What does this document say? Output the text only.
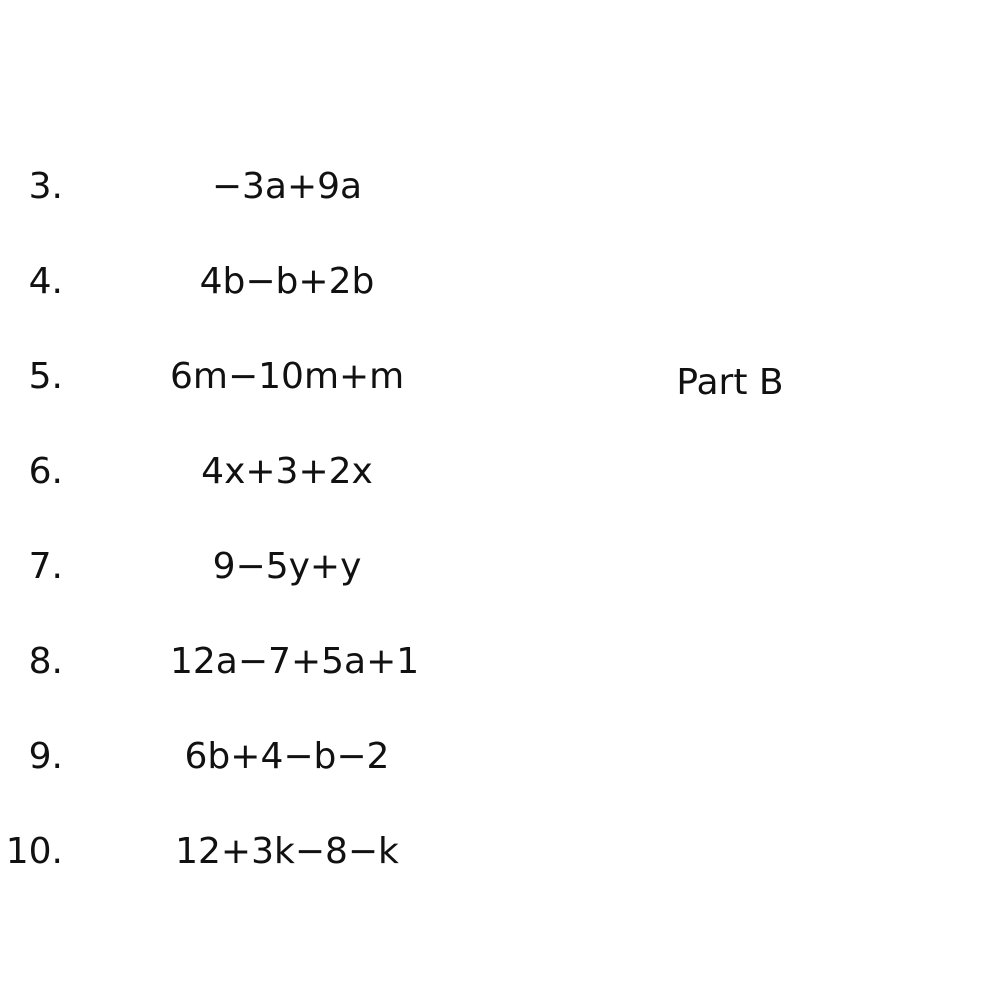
3.	−3a+9a
4.	4b−b+2b
5.	6m−10m+m
6.	4x+3+2x
7.	9−5y+y
8.	12a−7+5a+1
9.	6b+4−b−2
10.	12+3k−8−k
Part B
